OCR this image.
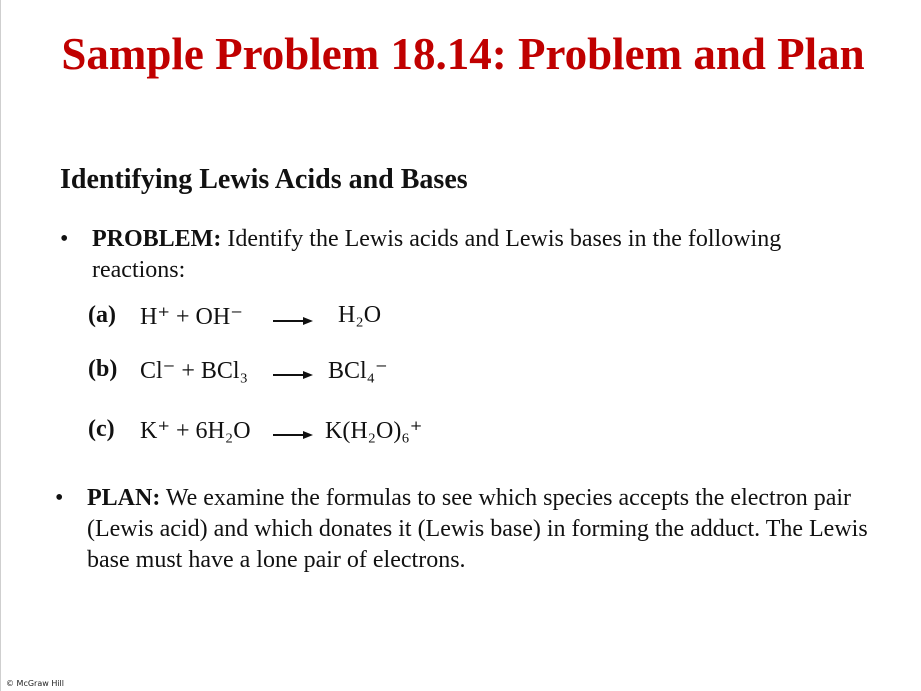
Sample Problem 18.14: Problem and Plan
Identifying Lewis Acids and Bases
• PROBLEM: Identify the Lewis acids and Lewis bases in the following reactions:
(a) H⁺ + OH⁻	H₂O
(b) Cl⁻ + BCl₃	BCl₄⁻
(c) K⁺ + 6H₂O	K(H₂O)₆⁺
• PLAN: We examine the formulas to see which species accepts the electron pair (Lewis acid) and which donates it (Lewis base) in forming the adduct. The Lewis base must have a lone pair of electrons.
© McGraw Hill
